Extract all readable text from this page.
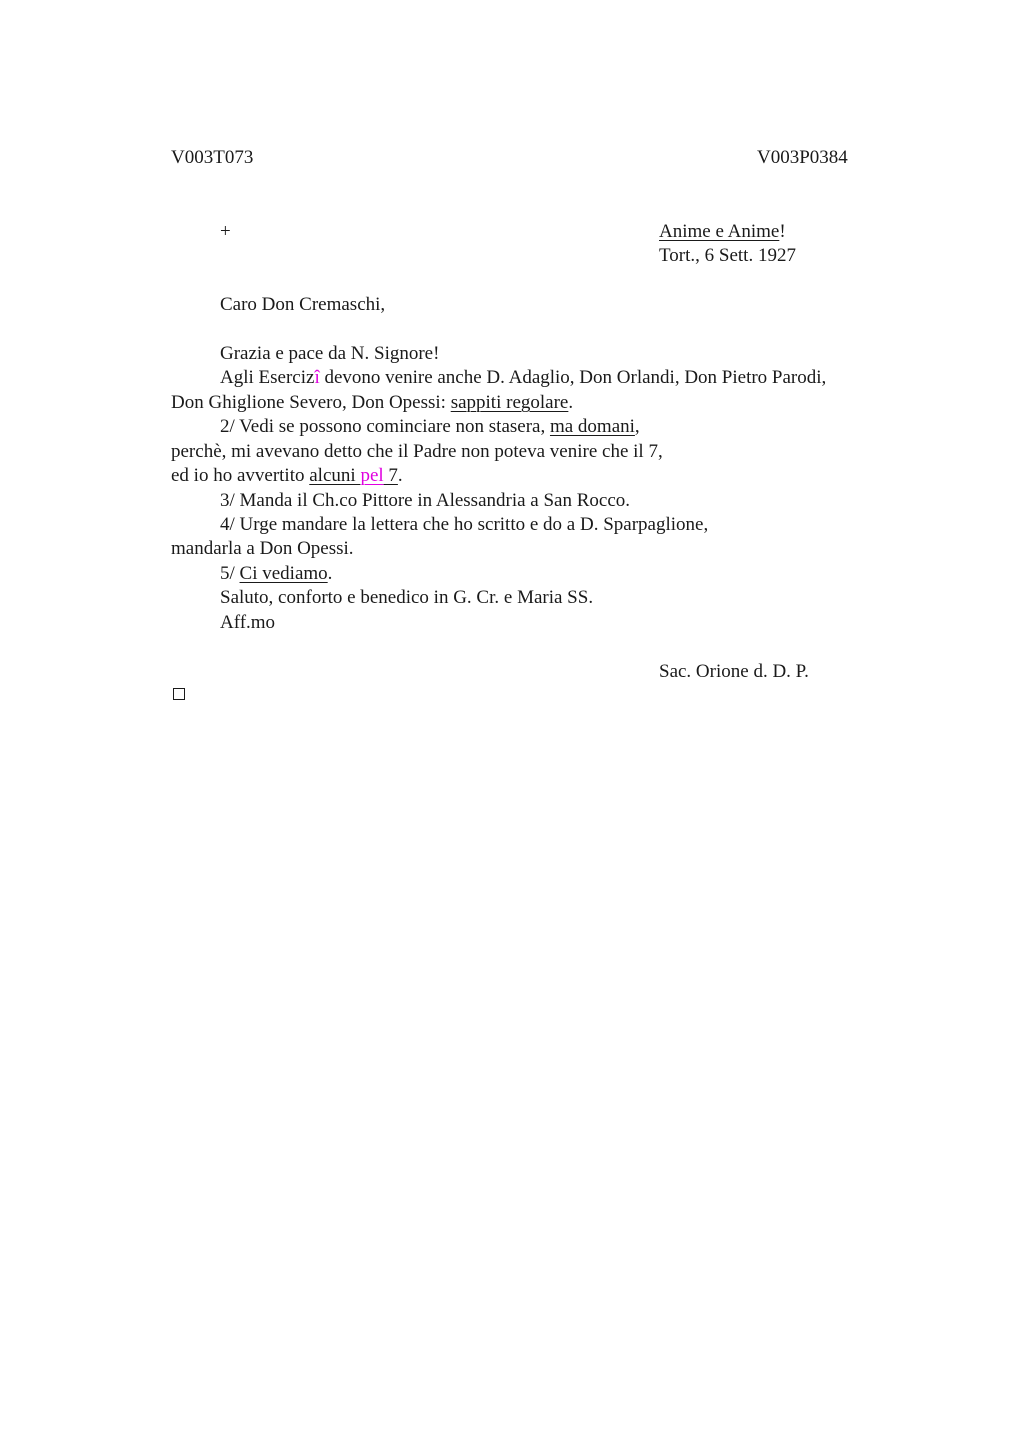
V003T073	V003P0384
+	Anime e Anime!
Tort., 6 Sett. 1927
Caro Don Cremaschi,
Grazia e pace da N. Signore!
Agli Esercizî devono venire anche D. Adaglio, Don Orlandi, Don Pietro Parodi,
Don Ghiglione Severo, Don Opessi: sappiti regolare.
2/ Vedi se possono cominciare non stasera, ma domani,
perchè, mi avevano detto che il Padre non poteva venire che il 7,
ed io ho avvertito alcuni pel 7.
3/ Manda il Ch.co Pittore in Alessandria a San Rocco.
4/ Urge mandare la lettera che ho scritto e do a D. Sparpaglione,
mandarla a Don Opessi.
5/ Ci vediamo.
Saluto, conforto e benedico in G. Cr. e Maria SS.
Aff.mo
Sac. Orione d. D. P.
